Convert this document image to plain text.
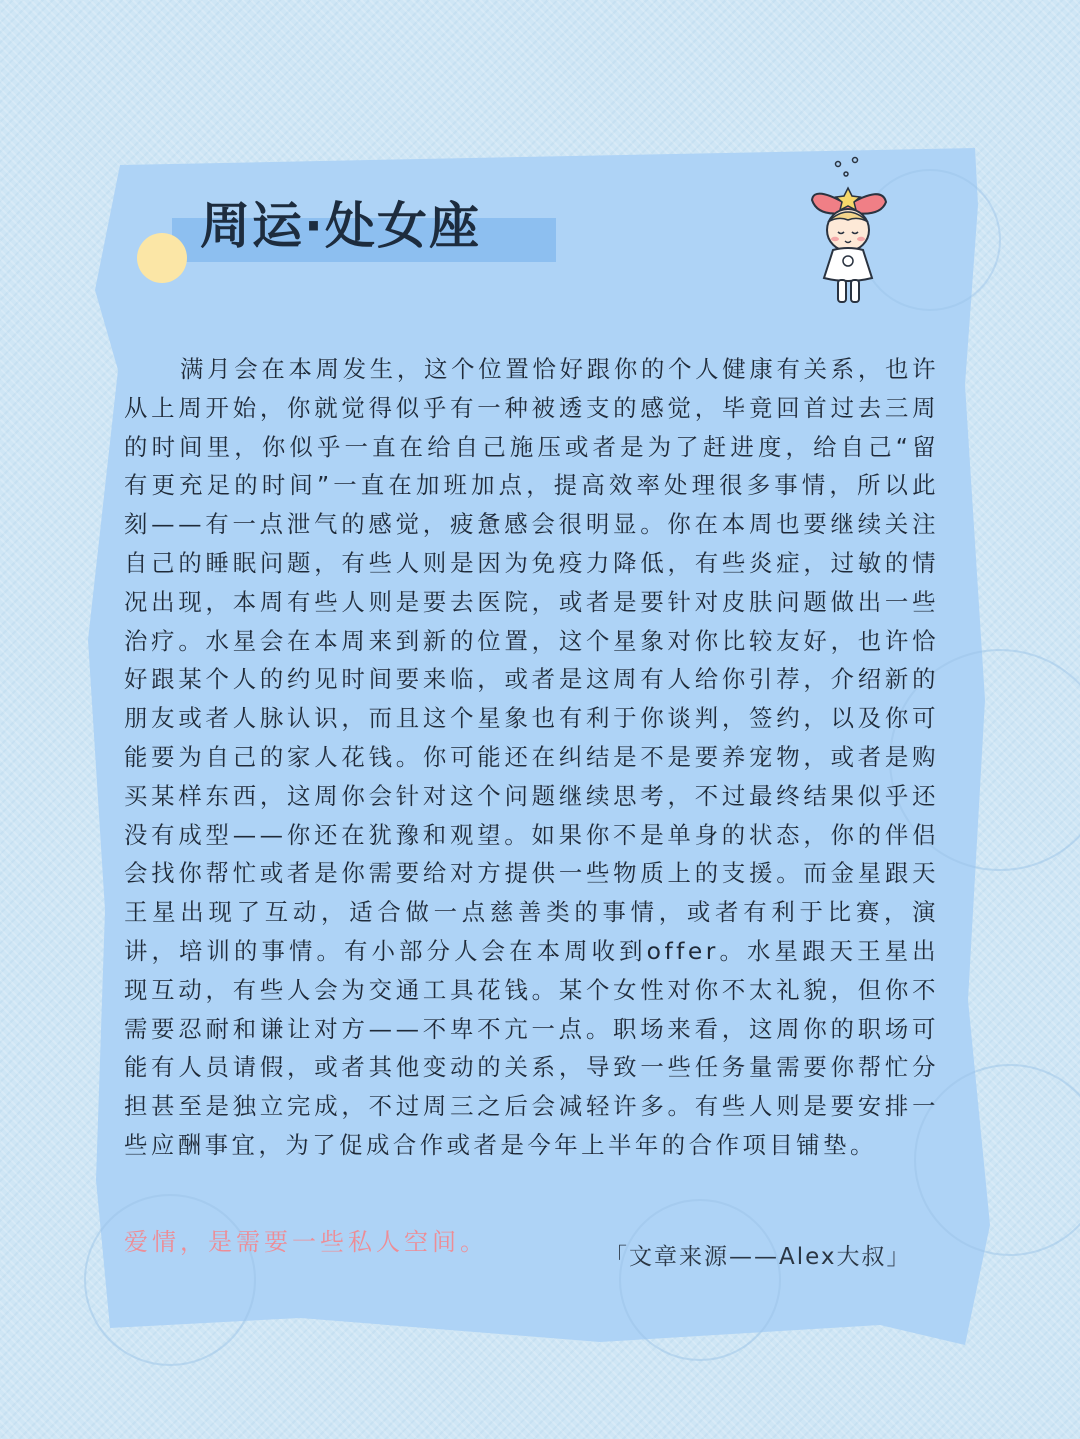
周运·处女座

满月会在本周发生，这个位置恰好跟你的个人健康有关系，也许从上周开始，你就觉得似乎有一种被透支的感觉，毕竟回首过去三周的时间里，你似乎一直在给自己施压或者是为了赶进度，给自己“留有更充足的时间”一直在加班加点，提高效率处理很多事情，所以此刻——有一点泄气的感觉，疲惫感会很明显。你在本周也要继续关注自己的睡眠问题，有些人则是因为免疫力降低，有些炎症，过敏的情况出现，本周有些人则是要去医院，或者是要针对皮肤问题做出一些治疗。水星会在本周来到新的位置，这个星象对你比较友好，也许恰好跟某个人的约见时间要来临，或者是这周有人给你引荐，介绍新的朋友或者人脉认识，而且这个星象也有利于你谈判，签约，以及你可能要为自己的家人花钱。你可能还在纠结是不是要养宠物，或者是购买某样东西，这周你会针对这个问题继续思考，不过最终结果似乎还没有成型——你还在犹豫和观望。如果你不是单身的状态，你的伴侣会找你帮忙或者是你需要给对方提供一些物质上的支援。而金星跟天王星出现了互动，适合做一点慈善类的事情，或者有利于比赛，演讲，培训的事情。有小部分人会在本周收到offer。水星跟天王星出现互动，有些人会为交通工具花钱。某个女性对你不太礼貌，但你不需要忍耐和谦让对方——不卑不亢一点。职场来看，这周你的职场可能有人员请假，或者其他变动的关系，导致一些任务量需要你帮忙分担甚至是独立完成，不过周三之后会减轻许多。有些人则是要安排一些应酬事宜，为了促成合作或者是今年上半年的合作项目铺垫。

爱情，是需要一些私人空间。

「文章来源——Alex大叔」
